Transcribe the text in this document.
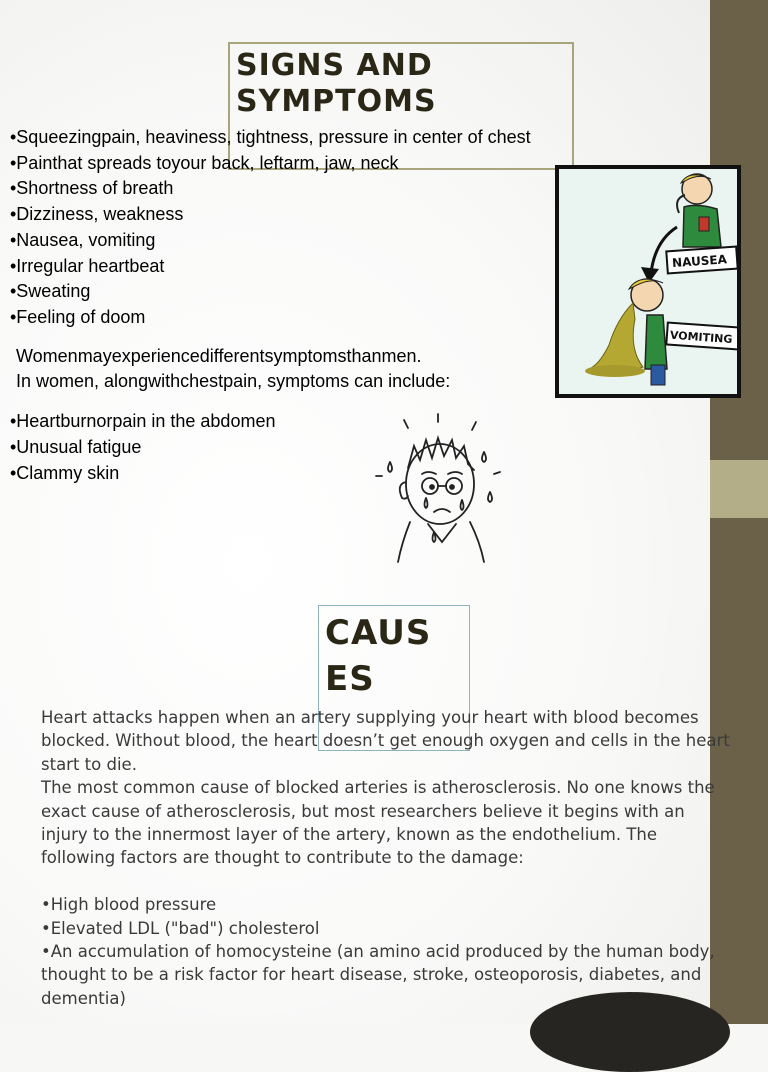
SIGNS AND SYMPTOMS
•Squeezingpain, heaviness, tightness, pressure in center of chest
•Painthat spreads toyour back, leftarm, jaw, neck
•Shortness of breath
•Dizziness, weakness
•Nausea, vomiting
•Irregular heartbeat
•Sweating
•Feeling of doom
Womenmayexperiencedifferentsymptomsthanmen.
In women, alongwithchestpain, symptoms can include:
•Heartburnorpain in the abdomen
•Unusual fatigue
•Clammy skin
NAUSEA
VOMITING
CAUS ES

Heart attacks happen when an artery supplying your heart with blood becomes blocked. Without blood, the heart doesn’t get enough oxygen and cells in the heart start to die.

The most common cause of blocked arteries is atherosclerosis. No one knows the exact cause of atherosclerosis, but most researchers believe it begins with an injury to the innermost layer of the artery, known as the endothelium. The following factors are thought to contribute to the damage:

•High blood pressure

•Elevated LDL ("bad") cholesterol

•An accumulation of homocysteine (an amino acid produced by the human body, thought to be a risk factor for heart disease, stroke, osteoporosis, diabetes, and dementia)
